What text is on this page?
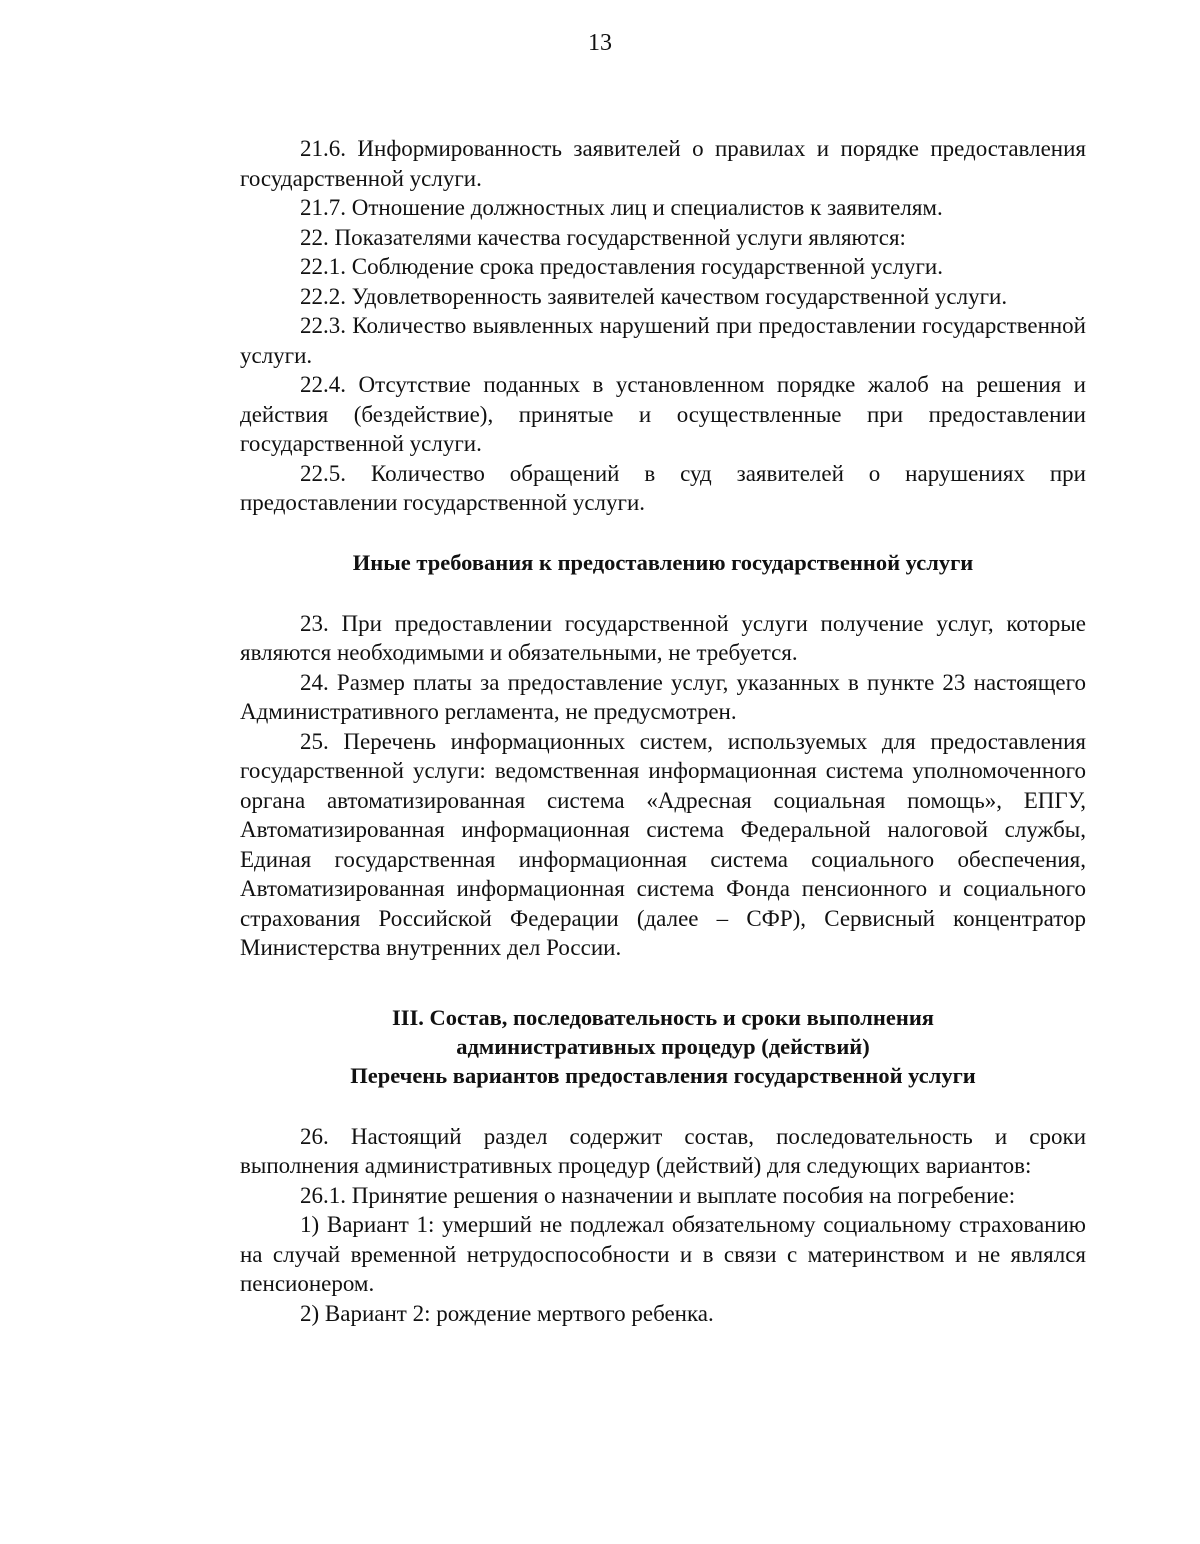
13

21.6. Информированность заявителей о правилах и порядке предоставления государственной услуги.

21.7. Отношение должностных лиц и специалистов к заявителям.

22. Показателями качества государственной услуги являются:

22.1. Соблюдение срока предоставления государственной услуги.

22.2. Удовлетворенность заявителей качеством государственной услуги.

22.3. Количество выявленных нарушений при предоставлении государственной услуги.

22.4. Отсутствие поданных в установленном порядке жалоб на решения и действия (бездействие), принятые и осуществленные при предоставлении государственной услуги.

22.5. Количество обращений в суд заявителей о нарушениях при предоставлении государственной услуги.

Иные требования к предоставлению государственной услуги

23. При предоставлении государственной услуги получение услуг, которые являются необходимыми и обязательными, не требуется.

24. Размер платы за предоставление услуг, указанных в пункте 23 настоящего Административного регламента, не предусмотрен.

25. Перечень информационных систем, используемых для предоставления государственной услуги: ведомственная информационная система уполномоченного органа автоматизированная система «Адресная социальная помощь», ЕПГУ, Автоматизированная информационная система Федеральной налоговой службы, Единая государственная информационная система социального обеспечения, Автоматизированная информационная система Фонда пенсионного и социального страхования Российской Федерации (далее – СФР), Сервисный концентратор Министерства внутренних дел России.

III. Состав, последовательность и сроки выполнения

административных процедур (действий)

Перечень вариантов предоставления государственной услуги

26. Настоящий раздел содержит состав, последовательность и сроки выполнения административных процедур (действий) для следующих вариантов:

26.1. Принятие решения о назначении и выплате пособия на погребение:

1) Вариант 1: умерший не подлежал обязательному социальному страхованию на случай временной нетрудоспособности и в связи с материнством и не являлся пенсионером.

2) Вариант 2: рождение мертвого ребенка.
